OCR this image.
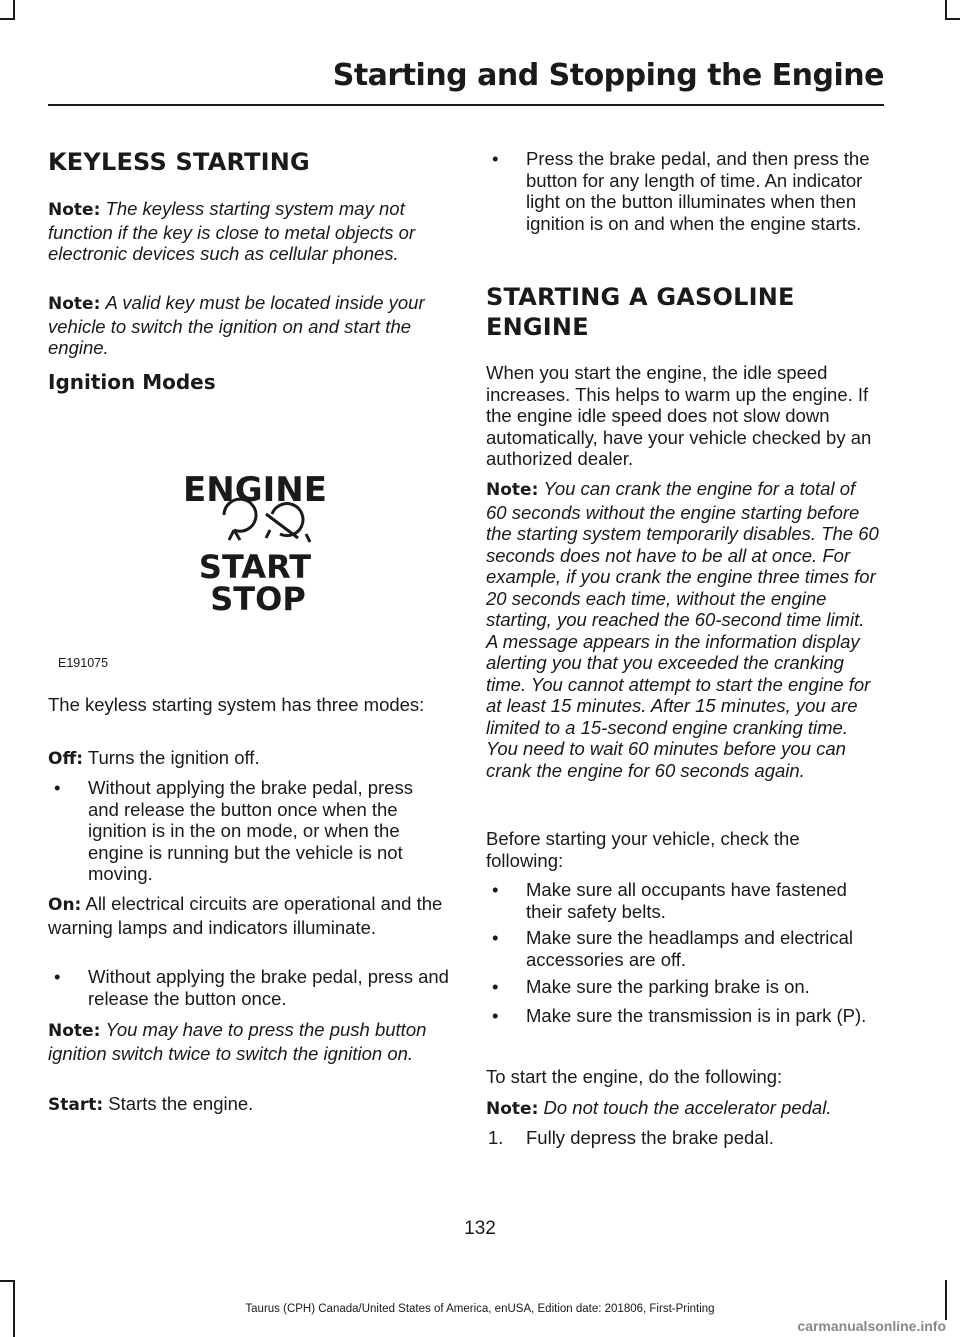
Starting and Stopping the Engine
KEYLESS STARTING

Note: The keyless starting system may not function if the key is close to metal objects or electronic devices such as cellular phones.

Note: A valid key must be located inside your vehicle to switch the ignition on and start the engine.

Ignition Modes
ENGINE
START
STOP
E191075

The keyless starting system has three modes:

Off: Turns the ignition off.

• Without applying the brake pedal, press and release the button once when the ignition is in the on mode, or when the engine is running but the vehicle is not moving.

On: All electrical circuits are operational and the warning lamps and indicators illuminate.

• Without applying the brake pedal, press and release the button once.

Note: You may have to press the push button ignition switch twice to switch the ignition on.

Start: Starts the engine.

• Press the brake pedal, and then press the button for any length of time. An indicator light on the button illuminates when then ignition is on and when the engine starts.
STARTING A GASOLINE
ENGINE

When you start the engine, the idle speed increases. This helps to warm up the engine. If the engine idle speed does not slow down automatically, have your vehicle checked by an authorized dealer.

Note: You can crank the engine for a total of 60 seconds without the engine starting before the starting system temporarily disables. The 60 seconds does not have to be all at once. For example, if you crank the engine three times for 20 seconds each time, without the engine starting, you reached the 60-second time limit. A message appears in the information display alerting you that you exceeded the cranking time. You cannot attempt to start the engine for at least 15 minutes. After 15 minutes, you are limited to a 15-second engine cranking time. You need to wait 60 minutes before you can crank the engine for 60 seconds again.

Before starting your vehicle, check the following:

• Make sure all occupants have fastened their safety belts.
• Make sure the headlamps and electrical accessories are off.
• Make sure the parking brake is on.
• Make sure the transmission is in park (P).

To start the engine, do the following:

Note: Do not touch the accelerator pedal.

1. Fully depress the brake pedal.
132
Taurus (CPH) Canada/United States of America, enUSA, Edition date: 201806, First-Printing
carmanualsonline.info
